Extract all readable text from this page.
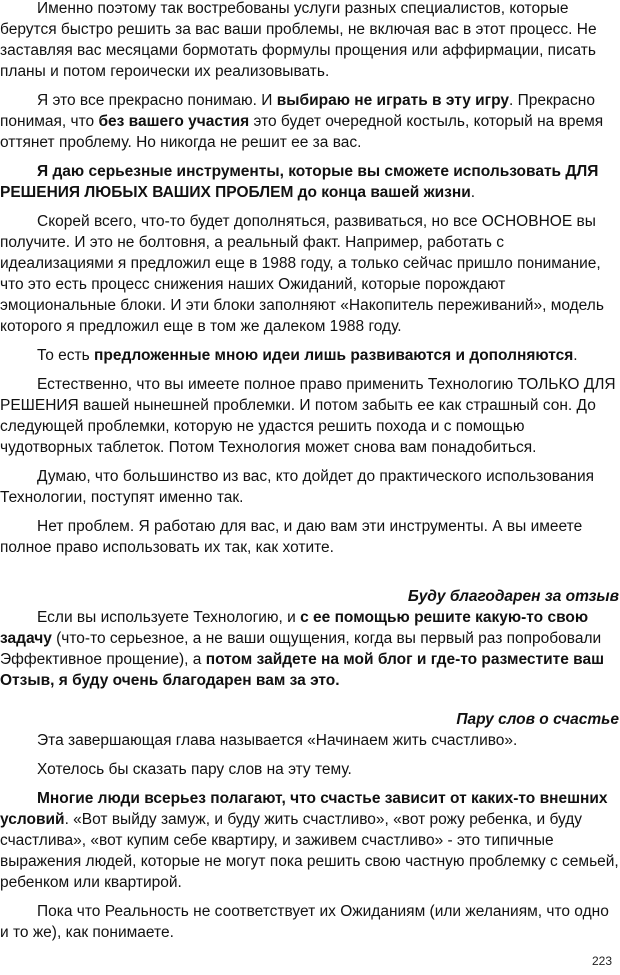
Именно поэтому так востребованы услуги разных специалистов, которые берутся быстро решить за вас ваши проблемы, не включая вас в этот процесс. Не заставляя вас месяцами бормотать формулы прощения или аффирмации, писать планы и потом героически их реализовывать.

Я это все прекрасно понимаю. И выбираю не играть в эту игру. Прекрасно понимая, что без вашего участия это будет очередной костыль, который на время оттянет проблему. Но никогда не решит ее за вас.

Я даю серьезные инструменты, которые вы сможете использовать ДЛЯ РЕШЕНИЯ ЛЮБЫХ ВАШИХ ПРОБЛЕМ до конца вашей жизни.

Скорей всего, что-то будет дополняться, развиваться, но все ОСНОВНОЕ вы получите. И это не болтовня, а реальный факт. Например, работать с идеализациями я предложил еще в 1988 году, а только сейчас пришло понимание, что это есть процесс снижения наших Ожиданий, которые порождают эмоциональные блоки. И эти блоки заполняют «Накопитель переживаний», модель которого я предложил еще в том же далеком 1988 году.

То есть предложенные мною идеи лишь развиваются и дополняются.

Естественно, что вы имеете полное право применить Технологию ТОЛЬКО ДЛЯ РЕШЕНИЯ вашей нынешней проблемки. И потом забыть ее как страшный сон. До следующей проблемки, которую не удастся решить похода и с помощью чудотворных таблеток. Потом Технология может снова вам понадобиться.

Думаю, что большинство из вас, кто дойдет до практического использования Технологии, поступят именно так.

Нет проблем. Я работаю для вас, и даю вам эти инструменты. А вы имеете полное право использовать их так, как хотите.

Буду благодарен за отзыв

Если вы используете Технологию, и с ее помощью решите какую-то свою задачу (что-то серьезное, а не ваши ощущения, когда вы первый раз попробовали Эффективное прощение), а потом зайдете на мой блог и где-то разместите ваш Отзыв, я буду очень благодарен вам за это.

Пару слов о счастье

Эта завершающая глава называется «Начинаем жить счастливо».

Хотелось бы сказать пару слов на эту тему.

Многие люди всерьез полагают, что счастье зависит от каких-то внешних условий. «Вот выйду замуж, и буду жить счастливо», «вот рожу ребенка, и буду счастлива», «вот купим себе квартиру, и заживем счастливо» - это типичные выражения людей, которые не могут пока решить свою частную проблемку с семьей, ребенком или квартирой.

Пока что Реальность не соответствует их Ожиданиям (или желаниям, что одно и то же), как понимаете.

223
